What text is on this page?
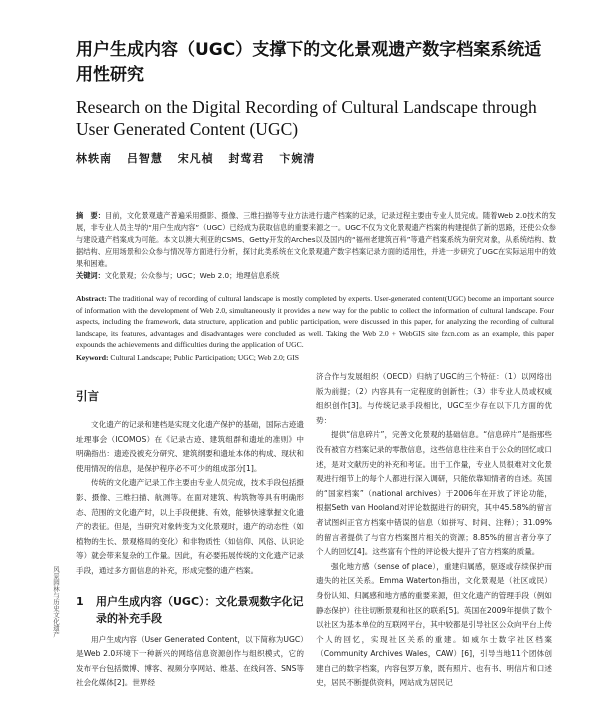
用户生成内容（UGC）支撑下的文化景观遗产数字档案系统适用性研究
Research on the Digital Recording of Cultural Landscape through User Generated Content (UGC)
林轶南 吕智慧 宋凡楨 封莺君 卞婉清
摘　要：目前，文化景观遗产普遍采用摄影、摄像、三维扫描等专业方法进行遗产档案的记录，记录过程主要由专业人员完成。随着Web 2.0技术的发展，非专业人员主导的“用户生成内容”（UGC）已经成为获取信息的重要来源之一。UGC不仅为文化景观遗产档案的构建提供了新的思路，还使公众参与建设遗产档案成为可能。本文以澳大利亚的CSMS、Getty开发的Arches以及国内的“福州老建筑百科”等遗产档案系统为研究对象，从系统结构、数据结构、应用场景和公众参与情况等方面进行分析，探讨此类系统在文化景观遗产数字档案记录方面的适用性，并进一步研究了UGC在实际运用中的效果和困难。
关键词：文化景观；公众参与；UGC；Web 2.0；地理信息系统
Abstract: The traditional way of recording of cultural landscape is mostly completed by experts. User-generated content(UGC) become an important source of information with the development of Web 2.0, simultaneously it provides a new way for the public to collect the information of cultural landscape. Four aspects, including the framework, data structure, application and public participation, were discussed in this paper, for analyzing the recording of cultural landscape, its features, advantages and disadvantages were concluded as well. Taking the Web 2.0 + WebGIS site fzcn.com as an example, this paper expounds the achievements and difficulties during the application of UGC.
Keyword: Cultural Landscape; Public Participation; UGC; Web 2.0; GIS
引言

文化遗产的记录和建档是实现文化遗产保护的基础，国际古迹遗址理事会（ICOMOS）在《记录古迹、建筑组群和遗址的准则》中明确指出：遗迹没被充分研究、建筑纲要和遗址本体的构成、现状和使用情况的信息，是保护程序必不可少的组成部分[1]。

传统的文化遗产记录工作主要由专业人员完成，技术手段包括摄影、摄像、三维扫描、航测等。在面对建筑、构筑物等具有明确形态、范围的文化遗产时，以上手段便捷、有效，能够快速掌握文化遗产的表征。但是，当研究对象转变为文化景观时，遗产的动态性（如植物的生长、景观格局的变化）和非物质性（如信仰、风俗、认识论等）就会带来复杂的工作量。因此，有必要拓展传统的文化遗产记录手段，通过多方面信息的补充，形成完整的遗产档案。

1	用户生成内容（UGC）：文化景观数字化记录的补充手段

用户生成内容（User Generated Content，以下简称为UGC）是Web 2.0环境下一种新兴的网络信息资源创作与组织模式，它的发布平台包括微博、博客、视频分享网站、维基、在线问答、SNS等社会化媒体[2]。世界经

济合作与发展组织（OECD）归纳了UGC的三个特征：（1）以网络出版为前提；（2）内容具有一定程度的创新性；（3）非专业人员或权威组织创作[3]。与传统记录手段相比，UGC至少存在以下几方面的优势：

提供“信息碎片”，完善文化景观的基础信息。“信息碎片”是指那些没有被官方档案记录的零散信息，这些信息往往来自于公众的回忆或口述，是对文献历史的补充和考证。出于工作量，专业人员很难对文化景观进行细节上的每个人都进行深入调研，只能依靠知情者的自述。英国的“国家档案”（national archives）于2006年在开放了评论功能，根据Seth van Hooland对评论数据进行的研究，其中45.58%的留言者试图纠正官方档案中错误的信息（如拼写、时间、注释）；31.09%的留言者提供了与官方档案图片相关的资源；8.85%的留言者分享了个人的回忆[4]。这些富有个性的评论极大提升了官方档案的质量。

强化地方感（sense of place），重建归属感，驱逐或存续保护而遗失的社区关系。Emma Waterton指出，文化景观是（社区或民）身份认知、归属感和地方感的重要来源，但文化遗产的管理手段（例如静态保护）往往切断景观和社区的联系[5]。英国在2009年提供了数个以社区为基本单位的互联网平台，其中较都是引导社区公众向平台上传个人的回忆，实现社区关系的重建。如威尔士数字社区档案（Community Archives Wales，CAW）[6]，引导当地11个团体创建自己的数字档案，内容包罗万象，既有照片、也有书、明信片和口述史，居民不断提供资料，网站成为居民记

风景园林与历史文化遗产
